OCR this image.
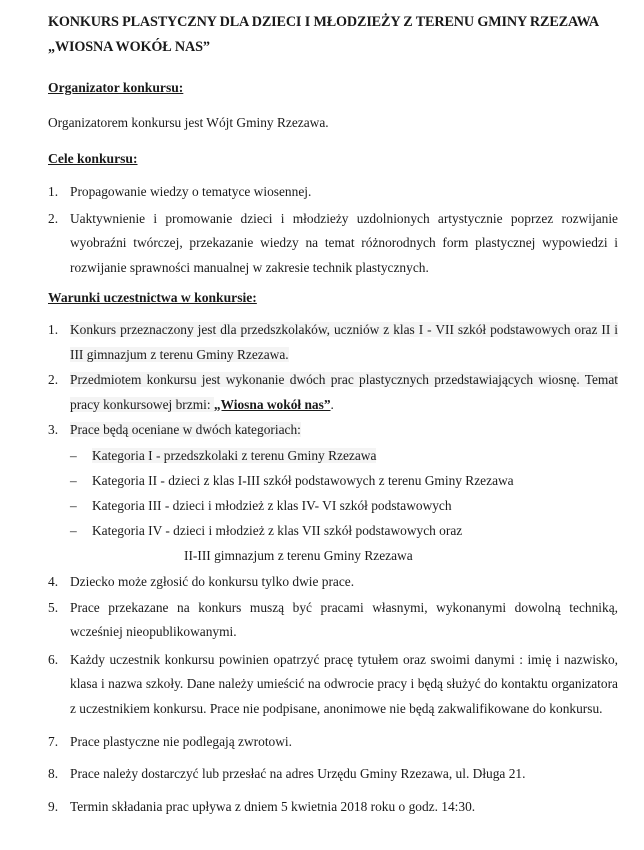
KONKURS PLASTYCZNY DLA DZIECI I MŁODZIEŻY Z TERENU GMINY RZEZAWA
„WIOSNA WOKÓŁ NAS”
Organizator konkursu:
Organizatorem konkursu jest Wójt Gminy Rzezawa.
Cele konkursu:
1. Propagowanie wiedzy o tematyce wiosennej.
2. Uaktywnienie i promowanie dzieci i młodzieży uzdolnionych artystycznie poprzez rozwijanie wyobraźni twórczej, przekazanie wiedzy na temat różnorodnych form plastycznej wypowiedzi i rozwijanie sprawności manualnej w zakresie technik plastycznych.
Warunki uczestnictwa w konkursie:
1. Konkurs przeznaczony jest dla przedszkolaków, uczniów z klas I - VII szkół podstawowych oraz II i III gimnazjum z terenu Gminy Rzezawa.
2. Przedmiotem konkursu jest wykonanie dwóch prac plastycznych przedstawiających wiosnę. Temat pracy konkursowej brzmi: „Wiosna wokół nas”.
3. Prace będą oceniane w dwóch kategoriach:
– Kategoria I - przedszkolaki z terenu Gminy Rzezawa
– Kategoria II - dzieci z klas I-III szkół podstawowych z terenu Gminy Rzezawa
– Kategoria III - dzieci i młodzież z klas IV- VI szkół podstawowych
– Kategoria IV - dzieci i młodzież z klas VII szkół podstawowych oraz
II-III gimnazjum z terenu Gminy Rzezawa
4. Dziecko może zgłosić do konkursu tylko dwie prace.
5. Prace przekazane na konkurs muszą być pracami własnymi, wykonanymi dowolną techniką, wcześniej nieopublikowanymi.
6. Każdy uczestnik konkursu powinien opatrzyć pracę tytułem oraz swoimi danymi : imię i nazwisko, klasa i nazwa szkoły. Dane należy umieścić na odwrocie pracy i będą służyć do kontaktu organizatora z uczestnikiem konkursu. Prace nie podpisane, anonimowe nie będą zakwalifikowane do konkursu.
7. Prace plastyczne nie podlegają zwrotowi.
8. Prace należy dostarczyć lub przesłać na adres Urzędu Gminy Rzezawa, ul. Długa 21.
9. Termin składania prac upływa z dniem 5 kwietnia 2018 roku o godz. 14:30.
